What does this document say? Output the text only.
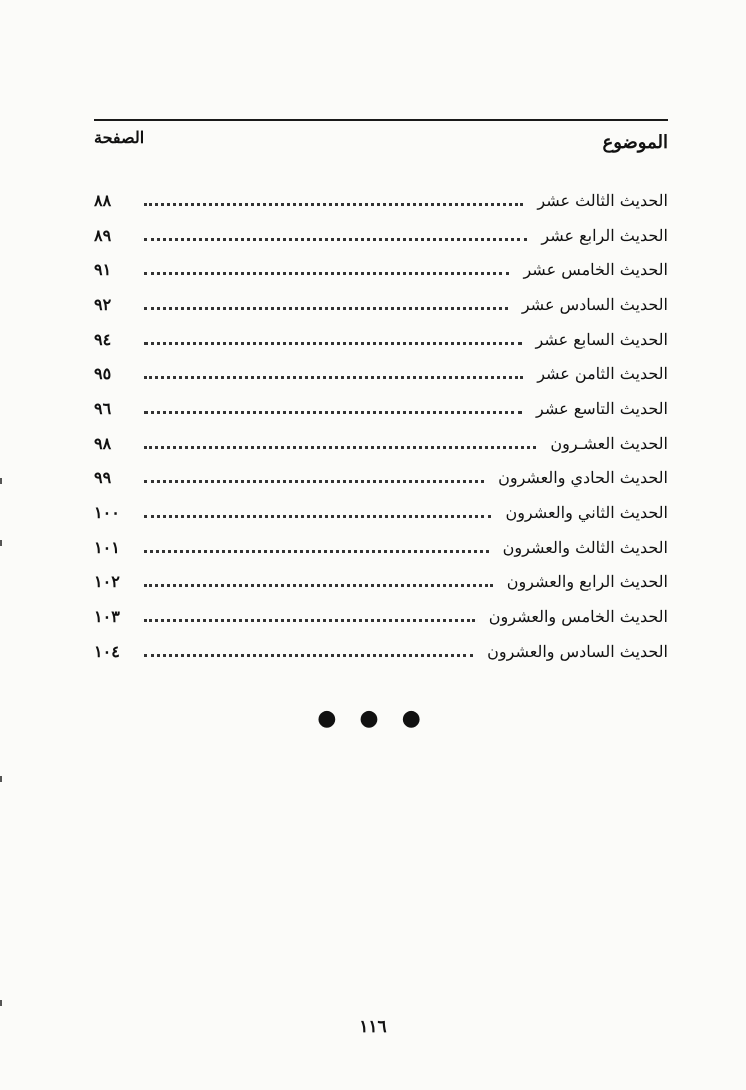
الموضوع
الصفحة
الحديث الثالث عشر
٨٨
الحديث الرابع عشر
٨٩
الحديث الخامس عشر
٩١
الحديث السادس عشر
٩٢
الحديث السابع عشر
٩٤
الحديث الثامن عشر
٩٥
الحديث التاسع عشر
٩٦
الحديث العشـرون
٩٨
الحديث الحادي والعشرون
٩٩
الحديث الثاني والعشرون
١٠٠
الحديث الثالث والعشرون
١٠١
الحديث الرابع والعشرون
١٠٢
الحديث الخامس والعشرون
١٠٣
الحديث السادس والعشرون
١٠٤
● ● ●
١١٦
